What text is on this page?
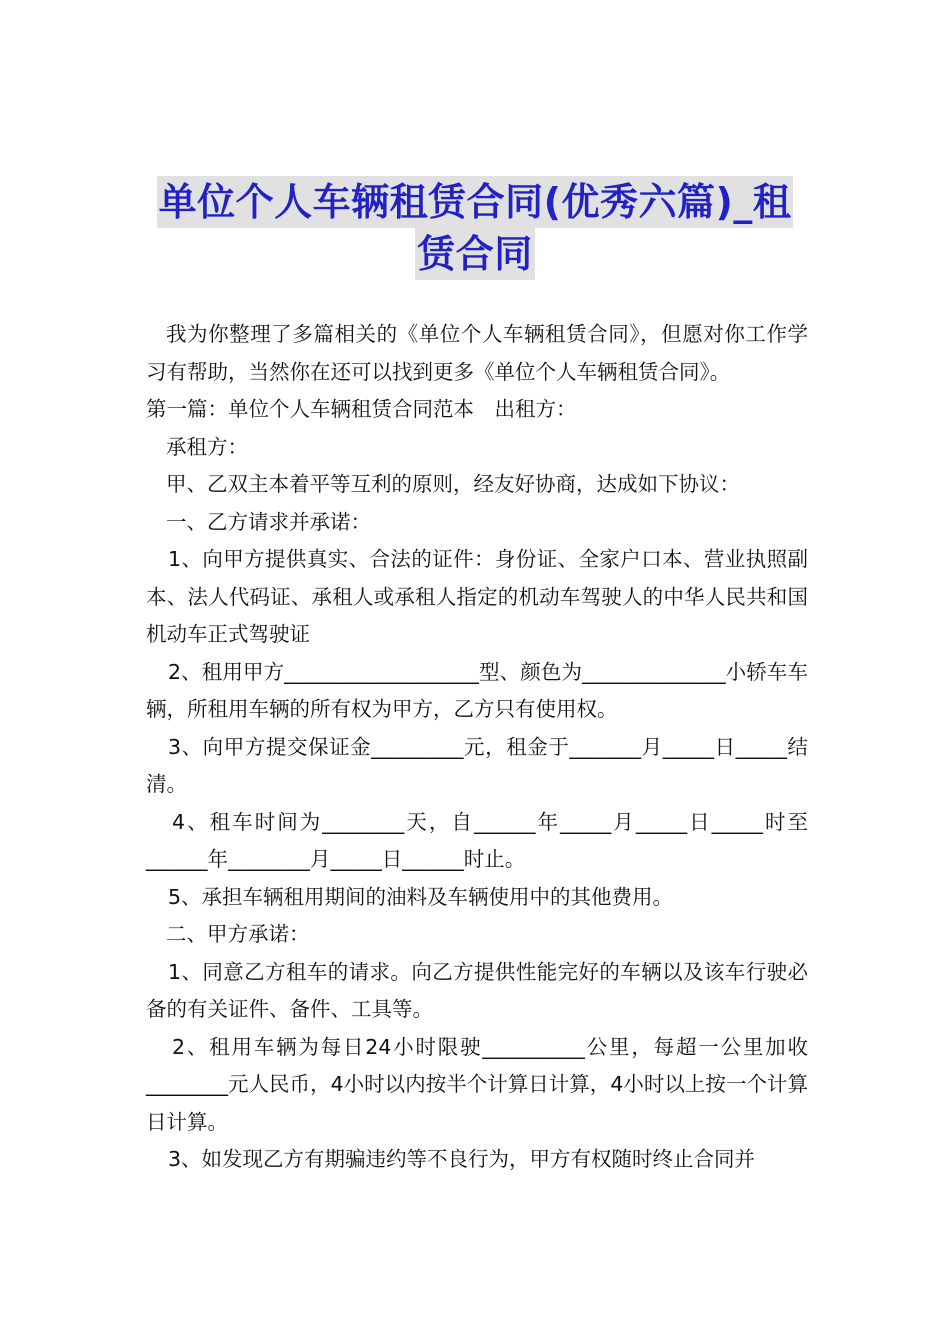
单位个人车辆租赁合同(优秀六篇)_租
赁合同

我为你整理了多篇相关的《单位个人车辆租赁合同》，但愿对你工作学习有帮助，当然你在还可以找到更多《单位个人车辆租赁合同》。

第一篇：单位个人车辆租赁合同范本　出租方：

承租方：

甲、乙双主本着平等互利的原则，经友好协商，达成如下协议：

一、乙方请求并承诺：

1、向甲方提供真实、合法的证件：身份证、全家户口本、营业执照副本、法人代码证、承租人或承租人指定的机动车驾驶人的中华人民共和国机动车正式驾驶证

2、租用甲方___________________型、颜色为______________小轿车车辆，所租用车辆的所有权为甲方，乙方只有使用权。

3、向甲方提交保证金_________元，租金于_______月_____日_____结清。

4、租车时间为________天，自______年_____月_____日_____时至______年________月_____日______时止。

5、承担车辆租用期间的油料及车辆使用中的其他费用。

二、甲方承诺：

1、同意乙方租车的请求。向乙方提供性能完好的车辆以及该车行驶必备的有关证件、备件、工具等。

2、租用车辆为每日24小时限驶__________公里，每超一公里加收________元人民币，4小时以内按半个计算日计算，4小时以上按一个计算日计算。

3、如发现乙方有期骗违约等不良行为，甲方有权随时终止合同并
